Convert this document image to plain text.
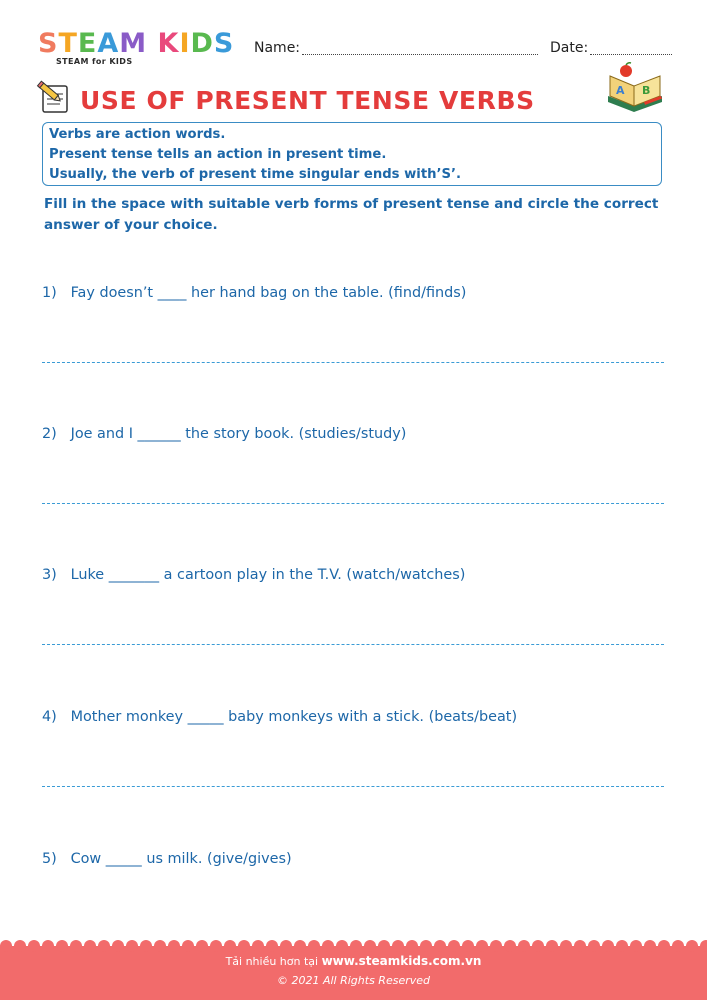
STEAM KIDS
STEAM for KIDS
Name:	Date:
USE OF PRESENT TENSE VERBS	A B
Verbs are action words.
Present tense tells an action in present time.
Usually, the verb of present time singular ends with’S’.
Fill in the space with suitable verb forms of present tense and circle the correct answer of your choice.
1) Fay doesn’t ____ her hand bag on the table. (find/finds)
2) Joe and I ______ the story book. (studies/study)
3) Luke _______ a cartoon play in the T.V. (watch/watches)
4) Mother monkey _____ baby monkeys with a stick. (beats/beat)
5) Cow _____ us milk. (give/gives)
Tải nhiều hơn tại www.steamkids.com.vn
© 2021 All Rights Reserved
